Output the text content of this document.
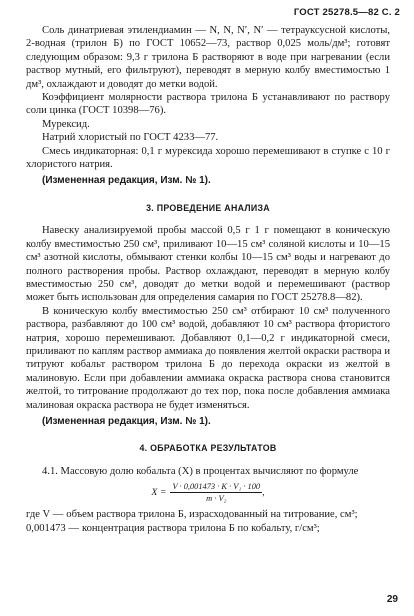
ГОСТ 25278.5—82 С. 2

Соль динатриевая этилендиамин — N, N, N′, N′ — тетрауксусной кислоты, 2-водная (трилон Б) по ГОСТ 10652—73, раствор 0,025 моль/дм³; готовят следующим образом: 9,3 г трилона Б растворяют в воде при нагревании (если раствор мутный, его фильтруют), переводят в мерную колбу вместимостью 1 дм³, охлаждают и доводят до метки водой.

Коэффициент молярности раствора трилона Б устанавливают по раствору соли цинка (ГОСТ 10398—76).

Мурексид.

Натрий хлористый по ГОСТ 4233—77.

Смесь индикаторная: 0,1 г мурексида хорошо перемешивают в ступке с 10 г хлористого натрия.

(Измененная редакция, Изм. № 1).

3. ПРОВЕДЕНИЕ АНАЛИЗА

Навеску анализируемой пробы массой 0,5 г 1 г помещают в коническую колбу вместимостью 250 см³, приливают 10—15 см³ соляной кислоты и 10—15 см³ азотной кислоты, обмывают стенки колбы 10—15 см³ воды и нагревают до полного растворения пробы. Раствор охлаждают, переводят в мерную колбу вместимостью 250 см³, доводят до метки водой и перемешивают (раствор может быть использован для определения самария по ГОСТ 25278.8—82).

В коническую колбу вместимостью 250 см³ отбирают 10 см³ полученного раствора, разбавляют до 100 см³ водой, добавляют 10 см³ раствора фтористого натрия, хорошо перемешивают. Добавляют 0,1—0,2 г индикаторной смеси, приливают по каплям раствор аммиака до появления желтой окраски раствора и титруют кобальт раствором трилона Б до перехода окраски из желтой в малиновую. Если при добавлении аммиака окраска раствора снова становится желтой, то титрование продолжают до тех пор, пока после добавления аммиака малиновая окраска раствора не будет изменяться.

(Измененная редакция, Изм. № 1).

4. ОБРАБОТКА РЕЗУЛЬТАТОВ

4.1. Массовую долю кобальта (X) в процентах вычисляют по формуле

$X = \frac{\text{V · 0,001473 · K · V₁ · 100}}{\text{m · V₂}}$ ,
где V — объем раствора трилона Б, израсходованный на титрование, см³;
0,001473 — концентрация раствора трилона Б по кобальту, г/см³;
29
